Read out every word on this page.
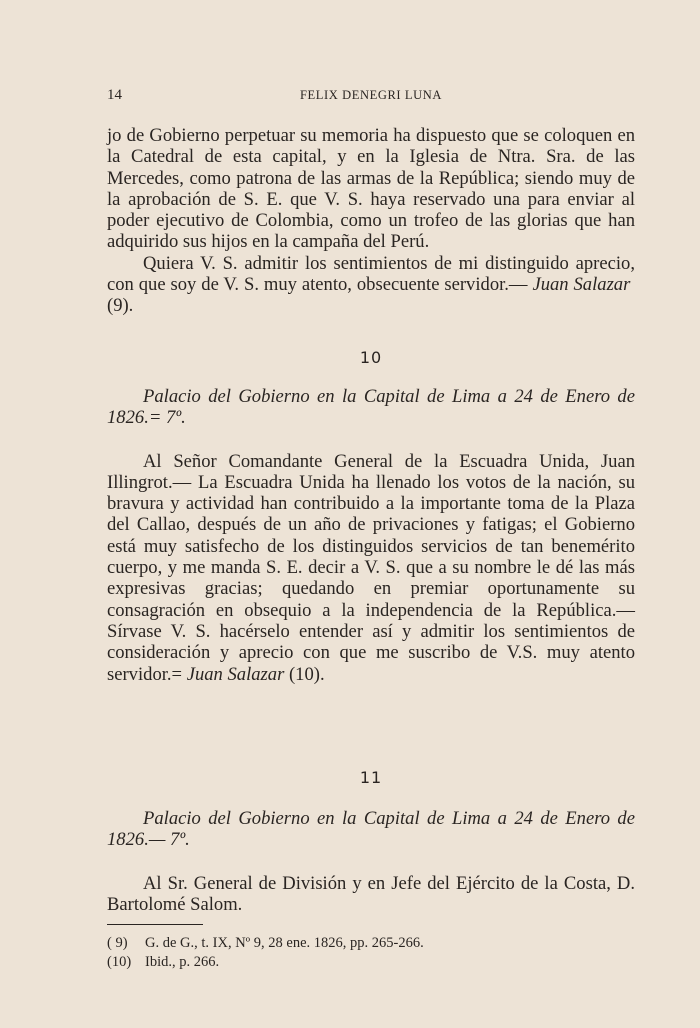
14	FELIX DENEGRI LUNA

jo de Gobierno perpetuar su memoria ha dispuesto que se coloquen en la Catedral de esta capital, y en la Iglesia de Ntra. Sra. de las Mercedes, como patrona de las armas de la República; siendo muy de la aprobación de S. E. que V. S. haya reservado una para enviar al poder ejecutivo de Colombia, como un trofeo de las glorias que han adquirido sus hijos en la campaña del Perú.

Quiera V. S. admitir los sentimientos de mi distinguido aprecio, con que soy de V. S. muy atento, obsecuente servidor.— Juan Salazar  (9).

10

Palacio del Gobierno en la Capital de Lima a 24 de Enero de 1826.= 7º.

Al Señor Comandante General de la Escuadra Unida, Juan Illingrot.— La Escuadra Unida ha llenado los votos de la nación, su bravura y actividad han contribuido a la importante toma de la Plaza del Callao, después de un año de privaciones y fatigas; el Gobierno está muy satisfecho de los distinguidos servicios de tan benemérito cuerpo, y me manda S. E. decir a V. S. que a su nombre le dé las más expresivas gracias; quedando en premiar oportunamente su consagración en obsequio a la independencia de la República.— Sírvase V. S. hacérselo entender así y admitir los sentimientos de consideración y aprecio con que me suscribo de V.S. muy atento servidor.= Juan Salazar (10).

11

Palacio del Gobierno en la Capital de Lima a 24 de Enero de 1826.— 7º.

Al Sr. General de División y en Jefe del Ejército de la Costa, D. Bartolomé Salom.

( 9) G. de G., t. IX, Nº 9, 28 ene. 1826, pp. 265-266.
(10) Ibid., p. 266.
